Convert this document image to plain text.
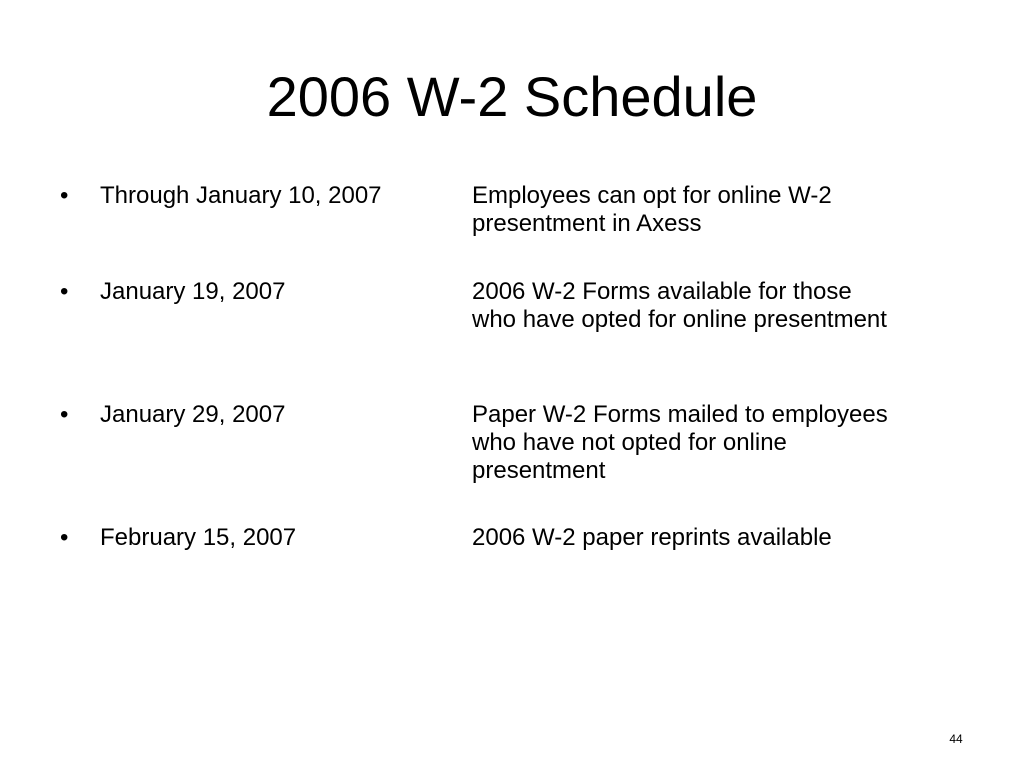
2006 W-2 Schedule
•	Through January 10, 2007	Employees can opt for online W-2 presentment in Axess
•	January 19, 2007	2006 W-2 Forms available for those who have opted for online presentment
•	January 29, 2007	Paper W-2 Forms mailed to employees who have not opted for online presentment
•	February 15, 2007	2006 W-2 paper reprints available
44
